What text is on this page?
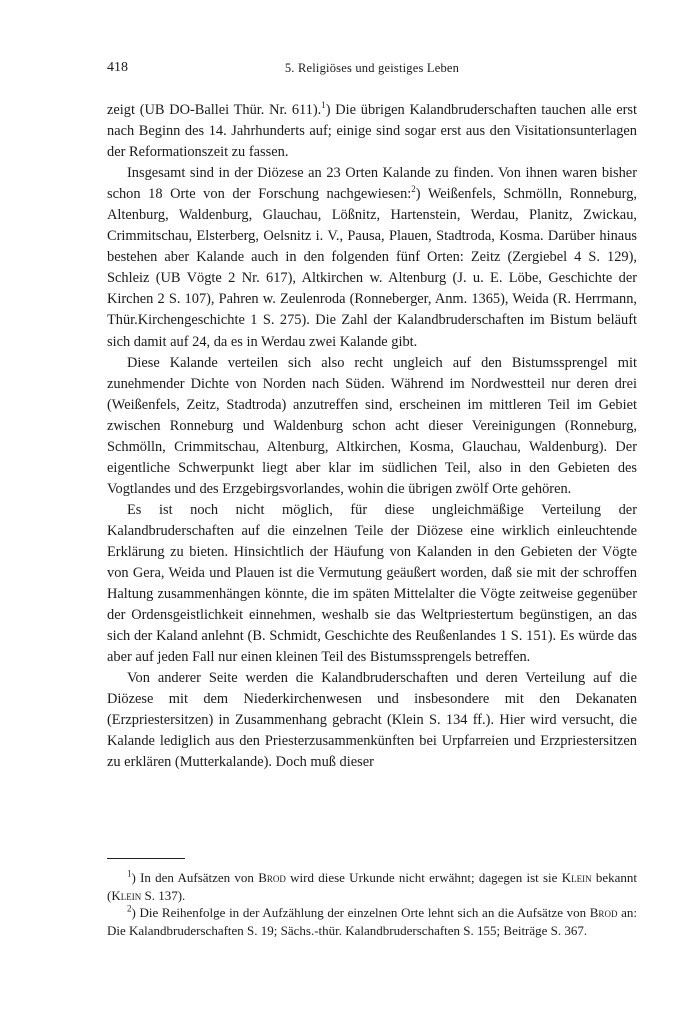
418	5. Religiöses und geistiges Leben

zeigt (UB DO-Ballei Thür. Nr. 611).$^1$) Die übrigen Kalandbruderschaften tauchen alle erst nach Beginn des 14. Jahrhunderts auf; einige sind sogar erst aus den Visitationsunterlagen der Reformationszeit zu fassen.

Insgesamt sind in der Diözese an 23 Orten Kalande zu finden. Von ihnen waren bisher schon 18 Orte von der Forschung nachgewiesen:$^2$) Weißenfels, Schmölln, Ronneburg, Altenburg, Waldenburg, Glauchau, Lößnitz, Hartenstein, Werdau, Planitz, Zwickau, Crimmitschau, Elsterberg, Oelsnitz i. V., Pausa, Plauen, Stadtroda, Kosma. Darüber hinaus bestehen aber Kalande auch in den folgenden fünf Orten: Zeitz (Zergiebel 4 S. 129), Schleiz (UB Vögte 2 Nr. 617), Altkirchen w. Altenburg (J. u. E. Löbe, Geschichte der Kirchen 2 S. 107), Pahren w. Zeulenroda (Ronneberger, Anm. 1365), Weida (R. Herrmann, Thür.Kirchengeschichte 1 S. 275). Die Zahl der Kalandbruderschaften im Bistum beläuft sich damit auf 24, da es in Werdau zwei Kalande gibt.

Diese Kalande verteilen sich also recht ungleich auf den Bistumssprengel mit zunehmender Dichte von Norden nach Süden. Während im Nordwestteil nur deren drei (Weißenfels, Zeitz, Stadtroda) anzutreffen sind, erscheinen im mittleren Teil im Gebiet zwischen Ronneburg und Waldenburg schon acht dieser Vereinigungen (Ronneburg, Schmölln, Crimmitschau, Altenburg, Altkirchen, Kosma, Glauchau, Waldenburg). Der eigentliche Schwerpunkt liegt aber klar im südlichen Teil, also in den Gebieten des Vogtlandes und des Erzgebirgsvorlandes, wohin die übrigen zwölf Orte gehören.

Es ist noch nicht möglich, für diese ungleichmäßige Verteilung der Kalandbruderschaften auf die einzelnen Teile der Diözese eine wirklich einleuchtende Erklärung zu bieten. Hinsichtlich der Häufung von Kalanden in den Gebieten der Vögte von Gera, Weida und Plauen ist die Vermutung geäußert worden, daß sie mit der schroffen Haltung zusammenhängen könnte, die im späten Mittelalter die Vögte zeitweise gegenüber der Ordensgeistlichkeit einnehmen, weshalb sie das Weltpriestertum begünstigen, an das sich der Kaland anlehnt (B. Schmidt, Geschichte des Reußenlandes 1 S. 151). Es würde das aber auf jeden Fall nur einen kleinen Teil des Bistumssprengels betreffen.

Von anderer Seite werden die Kalandbruderschaften und deren Verteilung auf die Diözese mit dem Niederkirchenwesen und insbesondere mit den Dekanaten (Erzpriestersitzen) in Zusammenhang gebracht (Klein S. 134 ff.). Hier wird versucht, die Kalande lediglich aus den Priesterzusammenkünften bei Urpfarreien und Erzpriestersitzen zu erklären (Mutterkalande). Doch muß dieser

$^1$) In den Aufsätzen von Brod wird diese Urkunde nicht erwähnt; dagegen ist sie Klein bekannt (Klein S. 137).

$^2$) Die Reihenfolge in der Aufzählung der einzelnen Orte lehnt sich an die Aufsätze von Brod an: Die Kalandbruderschaften S. 19; Sächs.-thür. Kalandbruderschaften S. 155; Beiträge S. 367.
